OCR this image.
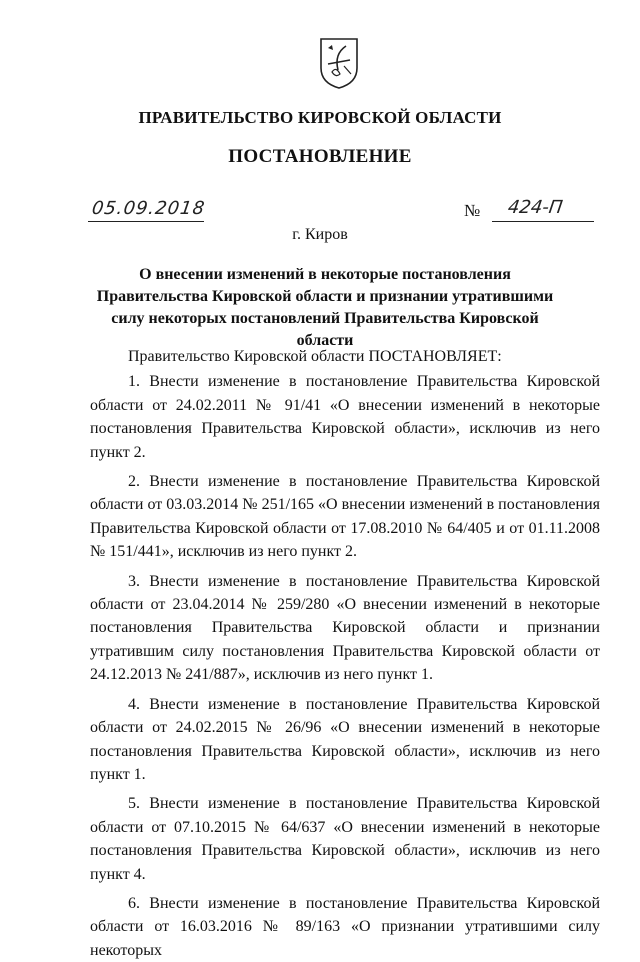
ПРАВИТЕЛЬСТВО КИРОВСКОЙ ОБЛАСТИ
ПОСТАНОВЛЕНИЕ
05.09.2018	№ 424-П
г. Киров
О внесении изменений в некоторые постановления Правительства Кировской области и признании утратившими силу некоторых постановлений Правительства Кировской области

Правительство Кировской области ПОСТАНОВЛЯЕТ:

1. Внести изменение в постановление Правительства Кировской области от 24.02.2011 № 91/41 «О внесении изменений в некоторые постановления Правительства Кировской области», исключив из него пункт 2.

2. Внести изменение в постановление Правительства Кировской области от 03.03.2014 № 251/165 «О внесении изменений в постановления Правительства Кировской области от 17.08.2010 № 64/405 и от 01.11.2008 № 151/441», исключив из него пункт 2.

3. Внести изменение в постановление Правительства Кировской области от 23.04.2014 № 259/280 «О внесении изменений в некоторые постановления Правительства Кировской области и признании утратившим силу постановления Правительства Кировской области от 24.12.2013 № 241/887», исключив из него пункт 1.

4. Внести изменение в постановление Правительства Кировской области от 24.02.2015 № 26/96 «О внесении изменений в некоторые постановления Правительства Кировской области», исключив из него пункт 1.

5. Внести изменение в постановление Правительства Кировской области от 07.10.2015 № 64/637 «О внесении изменений в некоторые постановления Правительства Кировской области», исключив из него пункт 4.

6. Внести изменение в постановление Правительства Кировской области от 16.03.2016 № 89/163 «О признании утратившими силу некоторых
